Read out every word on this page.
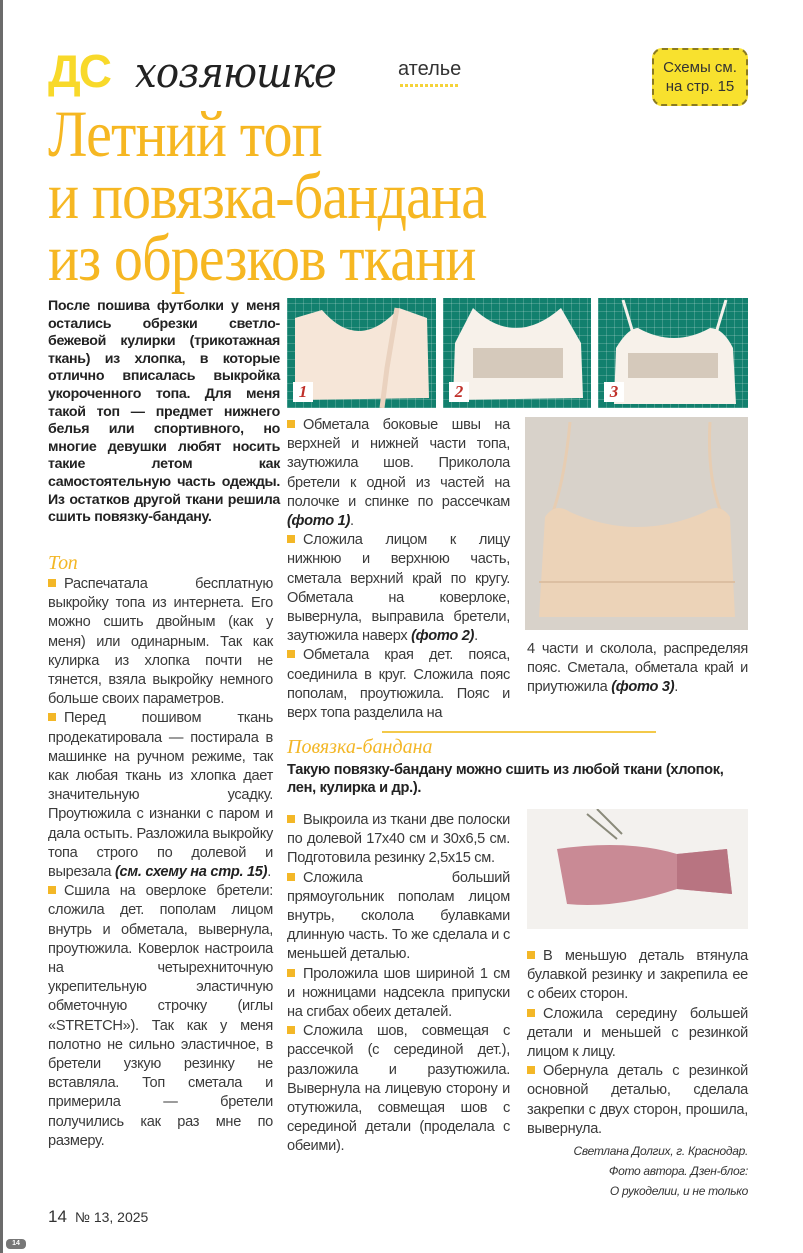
ДС хозяюшке	ателье	Схемы см.
на стр. 15
Летний топ
и повязка-бандана
из обрезков ткани
После пошива футболки у меня остались обрезки светло-бежевой кулирки (трикотажная ткань) из хлопка, в которые отлично вписалась выкройка укороченного топа. Для меня такой топ — предмет нижнего белья или спортивного, но многие девушки любят носить такие летом как самостоятельную часть одежды. Из остатков другой ткани решила сшить повязку-бандану.
Топ

Распечатала бесплатную выкройку топа из интернета. Его можно сшить двойным (как у меня) или одинарным. Так как кулирка из хлопка почти не тянется, взяла выкройку немного больше своих параметров.

Перед пошивом ткань продекатировала — постирала в машинке на ручном режиме, так как любая ткань из хлопка дает значительную усадку. Проутюжила с изнанки с паром и дала остыть. Разложила выкройку топа строго по долевой и вырезала (см. схему на стр. 15).

Сшила на оверлоке бретели: сложила дет. пополам лицом внутрь и обметала, вывернула, проутюжила. Коверлок настроила на четырехниточную укрепительную эластичную обметочную строчку (иглы «STRETCH»). Так как у меня полотно не сильно эластичное, в бретели узкую резинку не вставляла. Топ сметала и примерила — бретели получились как раз мне по размеру.

1	2	3

Обметала боковые швы на верхней и нижней части топа, заутюжила шов. Приколола бретели к одной из частей на полочке и спинке по рассечкам (фото 1).

Сложила лицом к лицу нижнюю и верхнюю часть, сметала верхний край по кругу. Обметала на коверлоке, вывернула, выправила бретели, заутюжила наверх (фото 2).

Обметала края дет. пояса, соединила в круг. Сложила пояс пополам, проутюжила. Пояс и верх топа разделила на

4 части и сколола, распределяя пояс. Сметала, обметала край и приутюжила (фото 3).

Повязка-бандана
Такую повязку-бандану можно сшить из любой ткани (хлопок, лен, кулирка и др.).

Выкроила из ткани две полоски по долевой 17х40 см и 30х6,5 см. Подготовила резинку 2,5х15 см.

Сложила больший прямоугольник пополам лицом внутрь, сколола булавками длинную часть. То же сделала и с меньшей деталью.

Проложила шов шириной 1 см и ножницами надсекла припуски на сгибах обеих деталей.

Сложила шов, совмещая с рассечкой (с серединой дет.), разложила и разутюжила. Вывернула на лицевую сторону и отутюжила, совмещая шов с серединой детали (проделала с обеими).

В меньшую деталь втянула булавкой резинку и закрепила ее с обеих сторон.

Сложила середину большей детали и меньшей с резинкой лицом к лицу.

Обернула деталь с резинкой основной деталью, сделала закрепки с двух сторон, прошила, вывернула.

Светлана Долгих, г. Краснодар.
Фото автора. Дзен-блог:
О рукоделии, и не только
14 № 13, 2025
14
